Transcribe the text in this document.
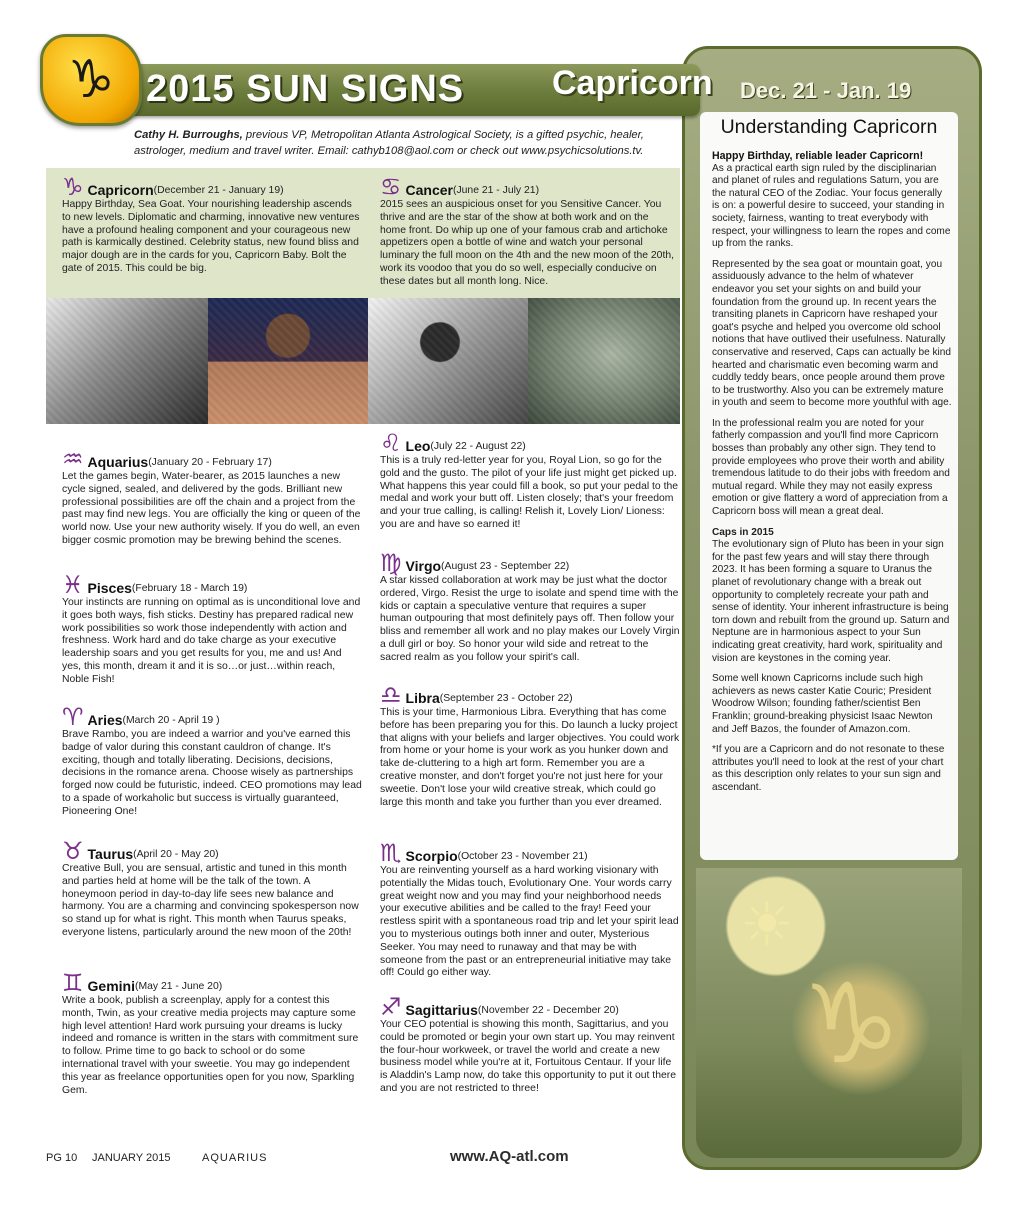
♑ 2015 SUN SIGNS	Capricorn Dec. 21 - Jan. 19
Cathy H. Burroughs, previous VP, Metropolitan Atlanta Astrological Society, is a gifted psychic, healer, astrologer, medium and travel writer. Email: cathyb108@aol.com or check out www.psychicsolutions.tv.
♑ Capricorn (December 21 - January 19)

Happy Birthday, Sea Goat. Your nourishing leadership ascends to new levels. Diplomatic and charming, innovative new ventures have a profound healing component and your courageous new path is karmically destined. Celebrity status, new found bliss and major dough are in the cards for you, Capricorn Baby. Bolt the gate of 2015. This could be big.

♋ Cancer (June 21 - July 21)

2015 sees an auspicious onset for you Sensitive Cancer. You thrive and are the star of the show at both work and on the home front. Do whip up one of your famous crab and artichoke appetizers open a bottle of wine and watch your personal luminary the full moon on the 4th and the new moon of the 20th, work its voodoo that you do so well, especially conducive on these dates but all month long. Nice.

♒ Aquarius (January 20 - February 17)

Let the games begin, Water-bearer, as 2015 launches a new cycle signed, sealed, and delivered by the gods. Brilliant new professional possibilities are off the chain and a project from the past may find new legs. You are officially the king or queen of the world now. Use your new authority wisely. If you do well, an even bigger cosmic promotion may be brewing behind the scenes.

♓ Pisces (February 18 - March 19)

Your instincts are running on optimal as is unconditional love and it goes both ways, fish sticks. Destiny has prepared radical new work possibilities so work those independently with action and freshness. Work hard and do take charge as your executive leadership soars and you get results for you, me and us! And yes, this month, dream it and it is so…or just…within reach, Noble Fish!

♈ Aries (March 20 - April 19 )

Brave Rambo, you are indeed a warrior and you've earned this badge of valor during this constant cauldron of change. It's exciting, though and totally liberating. Decisions, decisions, decisions in the romance arena. Choose wisely as partnerships forged now could be futuristic, indeed. CEO promotions may lead to a spade of workaholic but success is virtually guaranteed, Pioneering One!

♉ Taurus (April 20 - May 20)

Creative Bull, you are sensual, artistic and tuned in this month and parties held at home will be the talk of the town. A honeymoon period in day-to-day life sees new balance and harmony. You are a charming and convincing spokesperson now so stand up for what is right. This month when Taurus speaks, everyone listens, particularly around the new moon of the 20th!

♊ Gemini (May 21 - June 20)

Write a book, publish a screenplay, apply for a contest this month, Twin, as your creative media projects may capture some high level attention! Hard work pursuing your dreams is lucky indeed and romance is written in the stars with commitment sure to follow. Prime time to go back to school or do some international travel with your sweetie. You may go independent this year as freelance opportunities open for you now, Sparkling Gem.

♌ Leo (July 22 - August 22)

This is a truly red-letter year for you, Royal Lion, so go for the gold and the gusto. The pilot of your life just might get picked up. What happens this year could fill a book, so put your pedal to the medal and work your butt off. Listen closely; that's your freedom and your true calling, is calling! Relish it, Lovely Lion/ Lioness: you are and have so earned it!

♍ Virgo (August 23 - September 22)

A star kissed collaboration at work may be just what the doctor ordered, Virgo. Resist the urge to isolate and spend time with the kids or captain a speculative venture that requires a super human outpouring that most definitely pays off. Then follow your bliss and remember all work and no play makes our Lovely Virgin a dull girl or boy. So honor your wild side and retreat to the sacred realm as you follow your spirit's call.

♎ Libra (September 23 - October 22)

This is your time, Harmonious Libra. Everything that has come before has been preparing you for this. Do launch a lucky project that aligns with your beliefs and larger objectives. You could work from home or your home is your work as you hunker down and take de-cluttering to a high art form. Remember you are a creative monster, and don't forget you're not just here for your sweetie. Don't lose your wild creative streak, which could go large this month and take you further than you ever dreamed.

♏ Scorpio (October 23 - November 21)

You are reinventing yourself as a hard working visionary with potentially the Midas touch, Evolutionary One. Your words carry great weight now and you may find your neighborhood needs your executive abilities and be called to the fray! Feed your restless spirit with a spontaneous road trip and let your spirit lead you to mysterious outings both inner and outer, Mysterious Seeker. You may need to runaway and that may be with someone from the past or an entrepreneurial initiative may take off! Could go either way.

♐ Sagittarius (November 22 - December 20)

Your CEO potential is showing this month, Sagittarius, and you could be promoted or begin your own start up. You may reinvent the four-hour workweek, or travel the world and create a new business model while you're at it, Fortuitous Centaur. If your life is Aladdin's Lamp now, do take this opportunity to put it out there and you are not restricted to three!

Understanding Capricorn

Happy Birthday, reliable leader Capricorn!

As a practical earth sign ruled by the disciplinarian and planet of rules and regulations Saturn, you are the natural CEO of the Zodiac. Your focus generally is on: a powerful desire to succeed, your standing in society, fairness, wanting to treat everybody with respect, your willingness to learn the ropes and come up from the ranks.

Represented by the sea goat or mountain goat, you assiduously advance to the helm of whatever endeavor you set your sights on and build your foundation from the ground up. In recent years the transiting planets in Capricorn have reshaped your goat's psyche and helped you overcome old school notions that have outlived their usefulness. Naturally conservative and reserved, Caps can actually be kind hearted and charismatic even becoming warm and cuddly teddy bears, once people around them prove to be trustworthy. Also you can be extremely mature in youth and seem to become more youthful with age.

In the professional realm you are noted for your fatherly compassion and you'll find more Capricorn bosses than probably any other sign. They tend to provide employees who prove their worth and ability tremendous latitude to do their jobs with freedom and mutual regard. While they may not easily express emotion or give flattery a word of appreciation from a Capricorn boss will mean a great deal.

Caps in 2015

The evolutionary sign of Pluto has been in your sign for the past few years and will stay there through 2023. It has been forming a square to Uranus the planet of revolutionary change with a break out opportunity to completely recreate your path and sense of identity. Your inherent infrastructure is being torn down and rebuilt from the ground up. Saturn and Neptune are in harmonious aspect to your Sun indicating great creativity, hard work, spirituality and vision are keystones in the coming year.

Some well known Capricorns include such high achievers as news caster Katie Couric; President Woodrow Wilson; founding father/scientist Ben Franklin; ground-breaking physicist Isaac Newton and Jeff Bazos, the founder of Amazon.com.

*If you are a Capricorn and do not resonate to these attributes you'll need to look at the rest of your chart as this description only relates to your sun sign and ascendant.

☀
♑
PG 10 JANUARY 2015	AQUARIUS	www.AQ-atl.com
